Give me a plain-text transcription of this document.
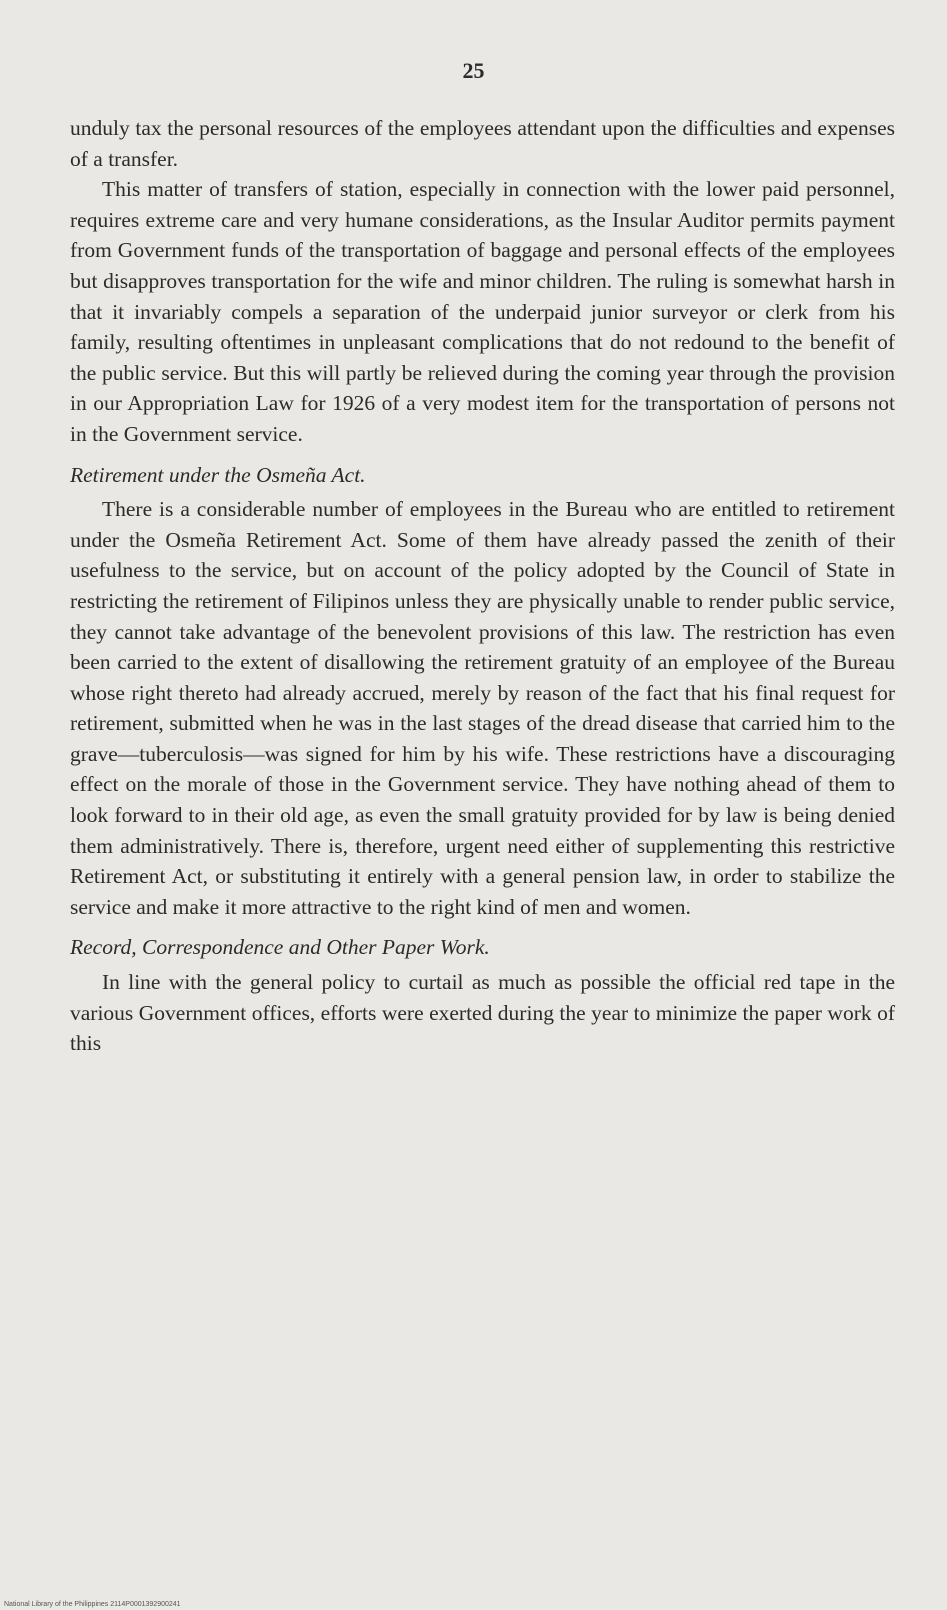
25

unduly tax the personal resources of the employees attendant upon the difficulties and expenses of a transfer.

This matter of transfers of station, especially in connection with the lower paid personnel, requires extreme care and very humane considerations, as the Insular Auditor permits payment from Government funds of the transportation of baggage and personal effects of the employees but disapproves transportation for the wife and minor children. The ruling is somewhat harsh in that it invariably compels a separation of the underpaid junior surveyor or clerk from his family, resulting oftentimes in unpleasant complications that do not redound to the benefit of the public service. But this will partly be relieved during the coming year through the provision in our Appropriation Law for 1926 of a very modest item for the transportation of persons not in the Government service.

Retirement under the Osmeña Act.

There is a considerable number of employees in the Bureau who are entitled to retirement under the Osmeña Retirement Act. Some of them have already passed the zenith of their usefulness to the service, but on account of the policy adopted by the Council of State in restricting the retirement of Filipinos unless they are physically unable to render public service, they cannot take advantage of the benevolent provisions of this law. The restriction has even been carried to the extent of disallowing the retirement gratuity of an employee of the Bureau whose right thereto had already accrued, merely by reason of the fact that his final request for retirement, submitted when he was in the last stages of the dread disease that carried him to the grave—tuberculosis—was signed for him by his wife. These restrictions have a discouraging effect on the morale of those in the Government service. They have nothing ahead of them to look forward to in their old age, as even the small gratuity provided for by law is being denied them administratively. There is, therefore, urgent need either of supplementing this restrictive Retirement Act, or substituting it entirely with a general pension law, in order to stabilize the service and make it more attractive to the right kind of men and women.

Record, Correspondence and Other Paper Work.

In line with the general policy to curtail as much as possible the official red tape in the various Government offices, efforts were exerted during the year to minimize the paper work of this

National Library of the Philippines 2114P0001392900241
